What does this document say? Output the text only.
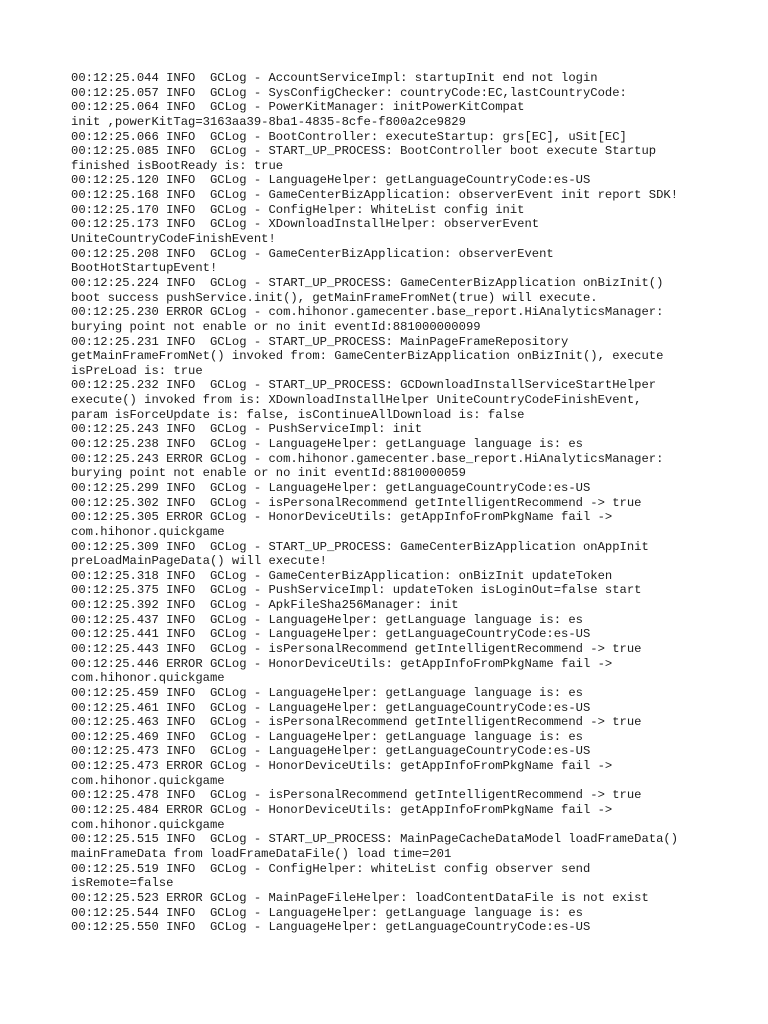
00:12:25.044 INFO  GCLog - AccountServiceImpl: startupInit end not login
00:12:25.057 INFO  GCLog - SysConfigChecker: countryCode:EC,lastCountryCode:
00:12:25.064 INFO  GCLog - PowerKitManager: initPowerKitCompat
init ,powerKitTag=3163aa39-8ba1-4835-8cfe-f800a2ce9829
00:12:25.066 INFO  GCLog - BootController: executeStartup: grs[EC], uSit[EC]
00:12:25.085 INFO  GCLog - START_UP_PROCESS: BootController boot execute Startup
finished isBootReady is: true
00:12:25.120 INFO  GCLog - LanguageHelper: getLanguageCountryCode:es-US
00:12:25.168 INFO  GCLog - GameCenterBizApplication: observerEvent init report SDK!
00:12:25.170 INFO  GCLog - ConfigHelper: WhiteList config init
00:12:25.173 INFO  GCLog - XDownloadInstallHelper: observerEvent
UniteCountryCodeFinishEvent!
00:12:25.208 INFO  GCLog - GameCenterBizApplication: observerEvent
BootHotStartupEvent!
00:12:25.224 INFO  GCLog - START_UP_PROCESS: GameCenterBizApplication onBizInit()
boot success pushService.init(), getMainFrameFromNet(true) will execute.
00:12:25.230 ERROR GCLog - com.hihonor.gamecenter.base_report.HiAnalyticsManager:
burying point not enable or no init eventId:881000000099
00:12:25.231 INFO  GCLog - START_UP_PROCESS: MainPageFrameRepository
getMainFrameFromNet() invoked from: GameCenterBizApplication onBizInit(), execute
isPreLoad is: true
00:12:25.232 INFO  GCLog - START_UP_PROCESS: GCDownloadInstallServiceStartHelper
execute() invoked from is: XDownloadInstallHelper UniteCountryCodeFinishEvent,
param isForceUpdate is: false, isContinueAllDownload is: false
00:12:25.243 INFO  GCLog - PushServiceImpl: init
00:12:25.238 INFO  GCLog - LanguageHelper: getLanguage language is: es
00:12:25.243 ERROR GCLog - com.hihonor.gamecenter.base_report.HiAnalyticsManager:
burying point not enable or no init eventId:8810000059
00:12:25.299 INFO  GCLog - LanguageHelper: getLanguageCountryCode:es-US
00:12:25.302 INFO  GCLog - isPersonalRecommend getIntelligentRecommend -> true
00:12:25.305 ERROR GCLog - HonorDeviceUtils: getAppInfoFromPkgName fail ->
com.hihonor.quickgame
00:12:25.309 INFO  GCLog - START_UP_PROCESS: GameCenterBizApplication onAppInit
preLoadMainPageData() will execute!
00:12:25.318 INFO  GCLog - GameCenterBizApplication: onBizInit updateToken
00:12:25.375 INFO  GCLog - PushServiceImpl: updateToken isLoginOut=false start
00:12:25.392 INFO  GCLog - ApkFileSha256Manager: init
00:12:25.437 INFO  GCLog - LanguageHelper: getLanguage language is: es
00:12:25.441 INFO  GCLog - LanguageHelper: getLanguageCountryCode:es-US
00:12:25.443 INFO  GCLog - isPersonalRecommend getIntelligentRecommend -> true
00:12:25.446 ERROR GCLog - HonorDeviceUtils: getAppInfoFromPkgName fail ->
com.hihonor.quickgame
00:12:25.459 INFO  GCLog - LanguageHelper: getLanguage language is: es
00:12:25.461 INFO  GCLog - LanguageHelper: getLanguageCountryCode:es-US
00:12:25.463 INFO  GCLog - isPersonalRecommend getIntelligentRecommend -> true
00:12:25.469 INFO  GCLog - LanguageHelper: getLanguage language is: es
00:12:25.473 INFO  GCLog - LanguageHelper: getLanguageCountryCode:es-US
00:12:25.473 ERROR GCLog - HonorDeviceUtils: getAppInfoFromPkgName fail ->
com.hihonor.quickgame
00:12:25.478 INFO  GCLog - isPersonalRecommend getIntelligentRecommend -> true
00:12:25.484 ERROR GCLog - HonorDeviceUtils: getAppInfoFromPkgName fail ->
com.hihonor.quickgame
00:12:25.515 INFO  GCLog - START_UP_PROCESS: MainPageCacheDataModel loadFrameData()
mainFrameData from loadFrameDataFile() load time=201
00:12:25.519 INFO  GCLog - ConfigHelper: whiteList config observer send
isRemote=false
00:12:25.523 ERROR GCLog - MainPageFileHelper: loadContentDataFile is not exist
00:12:25.544 INFO  GCLog - LanguageHelper: getLanguage language is: es
00:12:25.550 INFO  GCLog - LanguageHelper: getLanguageCountryCode:es-US
